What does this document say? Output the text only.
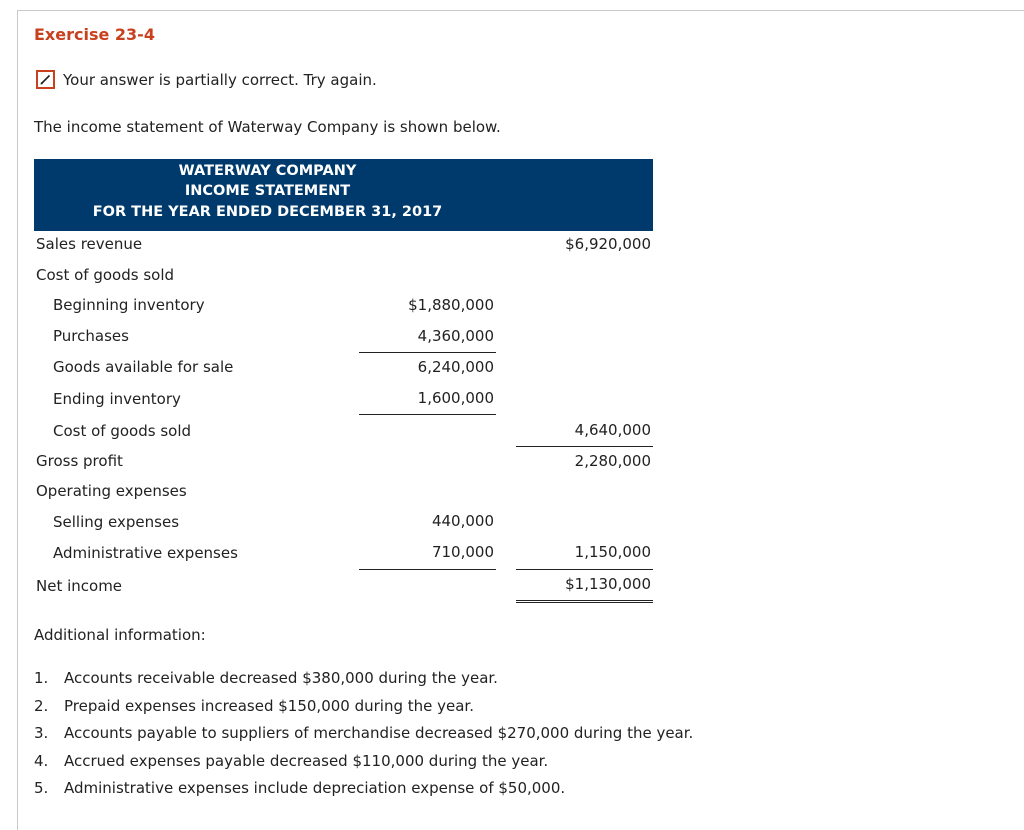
Exercise 23-4
Your answer is partially correct. Try again.
The income statement of Waterway Company is shown below.
WATERWAY COMPANY
INCOME STATEMENT
FOR THE YEAR ENDED DECEMBER 31, 2017
Sales revenue	$6,920,000
Cost of goods sold
Beginning inventory	$1,880,000
Purchases	4,360,000
Goods available for sale	6,240,000
Ending inventory	1,600,000
Cost of goods sold	4,640,000
Gross profit	2,280,000
Operating expenses
Selling expenses	440,000
Administrative expenses	710,000	1,150,000
Net income	$1,130,000
Additional information:
1. Accounts receivable decreased $380,000 during the year.
2. Prepaid expenses increased $150,000 during the year.
3. Accounts payable to suppliers of merchandise decreased $270,000 during the year.
4. Accrued expenses payable decreased $110,000 during the year.
5. Administrative expenses include depreciation expense of $50,000.
